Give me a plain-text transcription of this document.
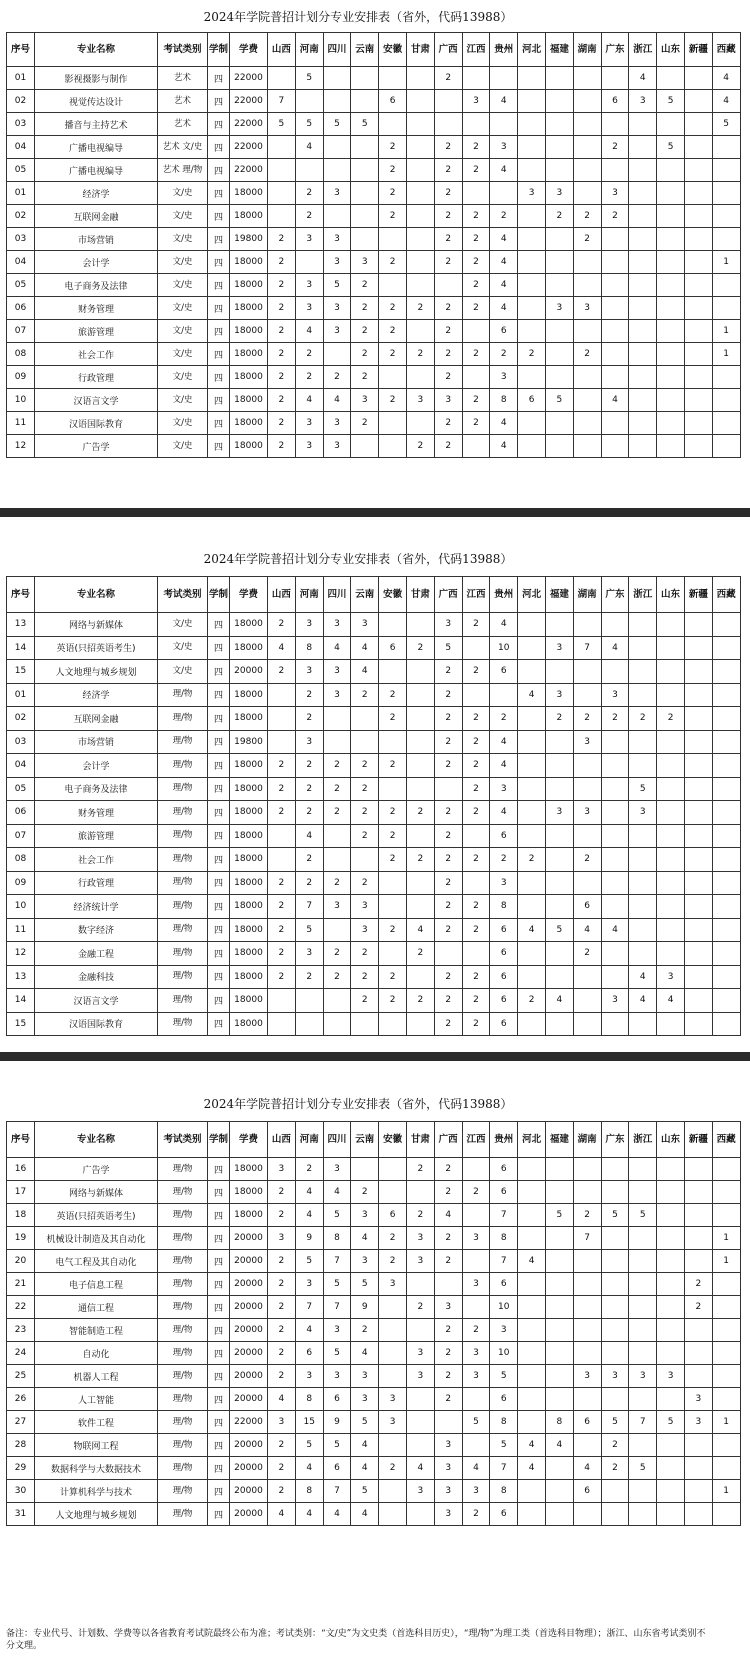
2024年学院普招计划分专业安排表（省外，代码13988）
序号	专业名称	考试类别	学制	学费	山西	河南	四川	云南	安徽	甘肃	广西	江西	贵州	河北	福建	湖南	广东	浙江	山东	新疆	西藏
01	影视摄影与制作	艺术	四	22000		5					2							4			4
02	视觉传达设计	艺术	四	22000	7				6			3	4				6	3	5		4
03	播音与主持艺术	艺术	四	22000	5	5	5	5													5
04	广播电视编导	艺术 文/史	四	22000		4			2		2	2	3				2		5		
05	广播电视编导	艺术 理/物	四	22000					2		2	2	4								
01	经济学	文/史	四	18000		2	3		2		2			3	3		3				
02	互联网金融	文/史	四	18000		2			2		2	2	2		2	2	2				
03	市场营销	文/史	四	19800	2	3	3				2	2	4			2					
04	会计学	文/史	四	18000	2		3	3	2		2	2	4								1
05	电子商务及法律	文/史	四	18000	2	3	5	2				2	4								
06	财务管理	文/史	四	18000	2	3	3	2	2	2	2	2	4		3	3					
07	旅游管理	文/史	四	18000	2	4	3	2	2		2		6								1
08	社会工作	文/史	四	18000	2	2		2	2	2	2	2	2	2		2					1
09	行政管理	文/史	四	18000	2	2	2	2			2		3								
10	汉语言文学	文/史	四	18000	2	4	4	3	2	3	3	2	8	6	5		4				
11	汉语国际教育	文/史	四	18000	2	3	3	2			2	2	4								
12	广告学	文/史	四	18000	2	3	3			2	2		4								
2024年学院普招计划分专业安排表（省外，代码13988）
序号	专业名称	考试类别	学制	学费	山西	河南	四川	云南	安徽	甘肃	广西	江西	贵州	河北	福建	湖南	广东	浙江	山东	新疆	西藏
13	网络与新媒体	文/史	四	18000	2	3	3	3			3	2	4								
14	英语(只招英语考生)	文/史	四	18000	4	8	4	4	6	2	5		10		3	7	4				
15	人文地理与城乡规划	文/史	四	20000	2	3	3	4			2	2	6								
01	经济学	理/物	四	18000		2	3	2	2		2			4	3		3				
02	互联网金融	理/物	四	18000		2			2		2	2	2		2	2	2	2	2		
03	市场营销	理/物	四	19800		3					2	2	4			3					
04	会计学	理/物	四	18000	2	2	2	2	2		2	2	4								
05	电子商务及法律	理/物	四	18000	2	2	2	2				2	3					5			
06	财务管理	理/物	四	18000	2	2	2	2	2	2	2	2	4		3	3		3			
07	旅游管理	理/物	四	18000		4		2	2		2		6								
08	社会工作	理/物	四	18000		2			2	2	2	2	2	2		2					
09	行政管理	理/物	四	18000	2	2	2	2			2		3								
10	经济统计学	理/物	四	18000	2	7	3	3			2	2	8			6					
11	数字经济	理/物	四	18000	2	5		3	2	4	2	2	6	4	5	4	4				
12	金融工程	理/物	四	18000	2	3	2	2		2			6			2					
13	金融科技	理/物	四	18000	2	2	2	2	2		2	2	6					4	3		
14	汉语言文学	理/物	四	18000				2	2	2	2	2	6	2	4		3	4	4		
15	汉语国际教育	理/物	四	18000							2	2	6								
2024年学院普招计划分专业安排表（省外，代码13988）
序号	专业名称	考试类别	学制	学费	山西	河南	四川	云南	安徽	甘肃	广西	江西	贵州	河北	福建	湖南	广东	浙江	山东	新疆	西藏
16	广告学	理/物	四	18000	3	2	3			2	2		6								
17	网络与新媒体	理/物	四	18000	2	4	4	2			2	2	6								
18	英语(只招英语考生)	理/物	四	18000	2	4	5	3	6	2	4		7		5	2	5	5			
19	机械设计制造及其自动化	理/物	四	20000	3	9	8	4	2	3	2	3	8			7					1
20	电气工程及其自动化	理/物	四	20000	2	5	7	3	2	3	2		7	4							1
21	电子信息工程	理/物	四	20000	2	3	5	5	3			3	6							2	
22	通信工程	理/物	四	20000	2	7	7	9		2	3		10							2	
23	智能制造工程	理/物	四	20000	2	4	3	2			2	2	3								
24	自动化	理/物	四	20000	2	6	5	4		3	2	3	10								
25	机器人工程	理/物	四	20000	2	3	3	3		3	2	3	5			3	3	3	3		
26	人工智能	理/物	四	20000	4	8	6	3	3		2		6							3	
27	软件工程	理/物	四	22000	3	15	9	5	3			5	8		8	6	5	7	5	3	1
28	物联网工程	理/物	四	20000	2	5	5	4			3		5	4	4		2				
29	数据科学与大数据技术	理/物	四	20000	2	4	6	4	2	4	3	4	7	4		4	2	5			
30	计算机科学与技术	理/物	四	20000	2	8	7	5		3	3	3	8			6					1
31	人文地理与城乡规划	理/物	四	20000	4	4	4	4			3	2	6								
备注：专业代号、计划数、学费等以各省教育考试院最终公布为准；考试类别：“文/史”为文史类（首选科目历史），“理/物”为理工类（首选科目物理）；浙江、山东省考试类别不分文理。
